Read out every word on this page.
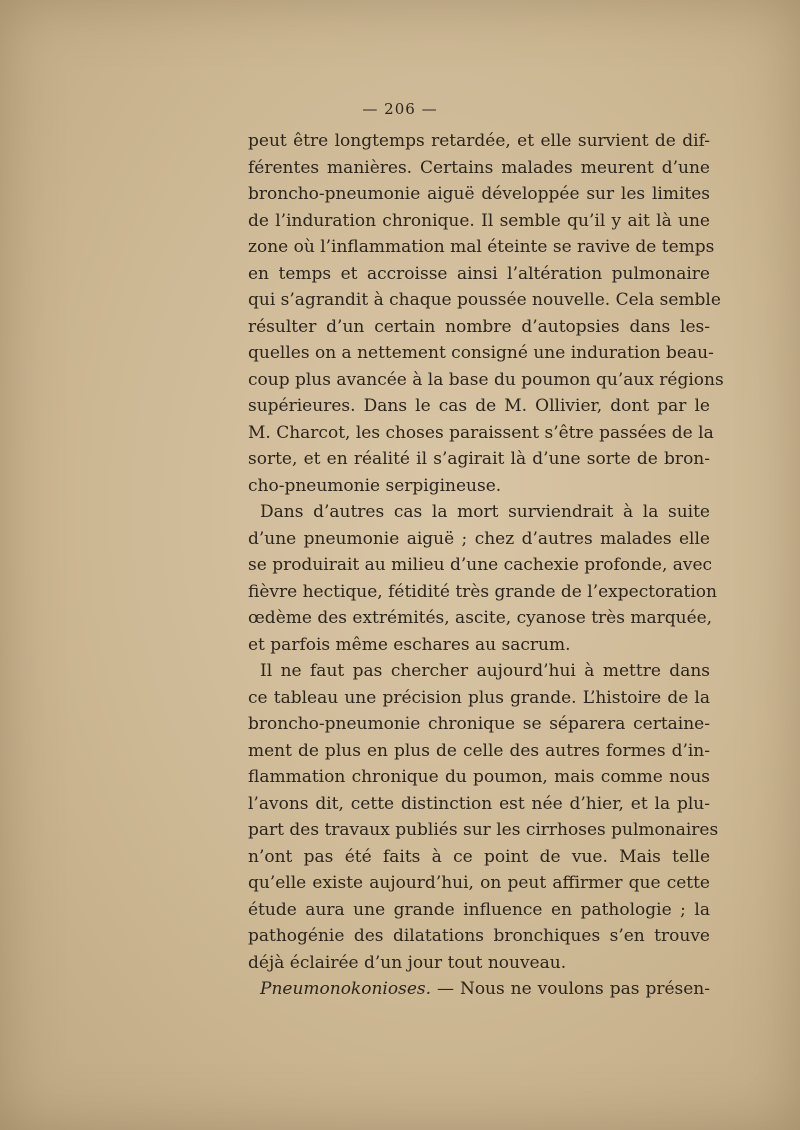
— 206 —
peut être longtemps retardée, et elle survient de dif-
férentes manières. Certains malades meurent d’une
broncho-pneumonie aiguë développée sur les limites
de l’induration chronique. Il semble qu’il y ait là une
zone où l’inflammation mal éteinte se ravive de temps
en temps et accroisse ainsi l’altération pulmonaire
qui s’agrandit à chaque poussée nouvelle. Cela semble
résulter d’un certain nombre d’autopsies dans les-
quelles on a nettement consigné une induration beau-
coup plus avancée à la base du poumon qu’aux régions
supérieures. Dans le cas de M. Ollivier, dont par le
M. Charcot, les choses paraissent s’être passées de la
sorte, et en réalité il s’agirait là d’une sorte de bron-
cho-pneumonie serpigineuse.
Dans d’autres cas la mort surviendrait à la suite
d’une pneumonie aiguë ; chez d’autres malades elle
se produirait au milieu d’une cachexie profonde, avec
fièvre hectique, fétidité très grande de l’expectoration
œdème des extrémités, ascite, cyanose très marquée,
et parfois même eschares au sacrum.
Il ne faut pas chercher aujourd’hui à mettre dans
ce tableau une précision plus grande. L’histoire de la
broncho-pneumonie chronique se séparera certaine-
ment de plus en plus de celle des autres formes d’in-
flammation chronique du poumon, mais comme nous
l’avons dit, cette distinction est née d’hier, et la plu-
part des travaux publiés sur les cirrhoses pulmonaires
n’ont pas été faits à ce point de vue. Mais telle
qu’elle existe aujourd’hui, on peut affirmer que cette
étude aura une grande influence en pathologie ; la
pathogénie des dilatations bronchiques s’en trouve
déjà éclairée d’un jour tout nouveau.
Pneumonokonioses. — Nous ne voulons pas présen-
